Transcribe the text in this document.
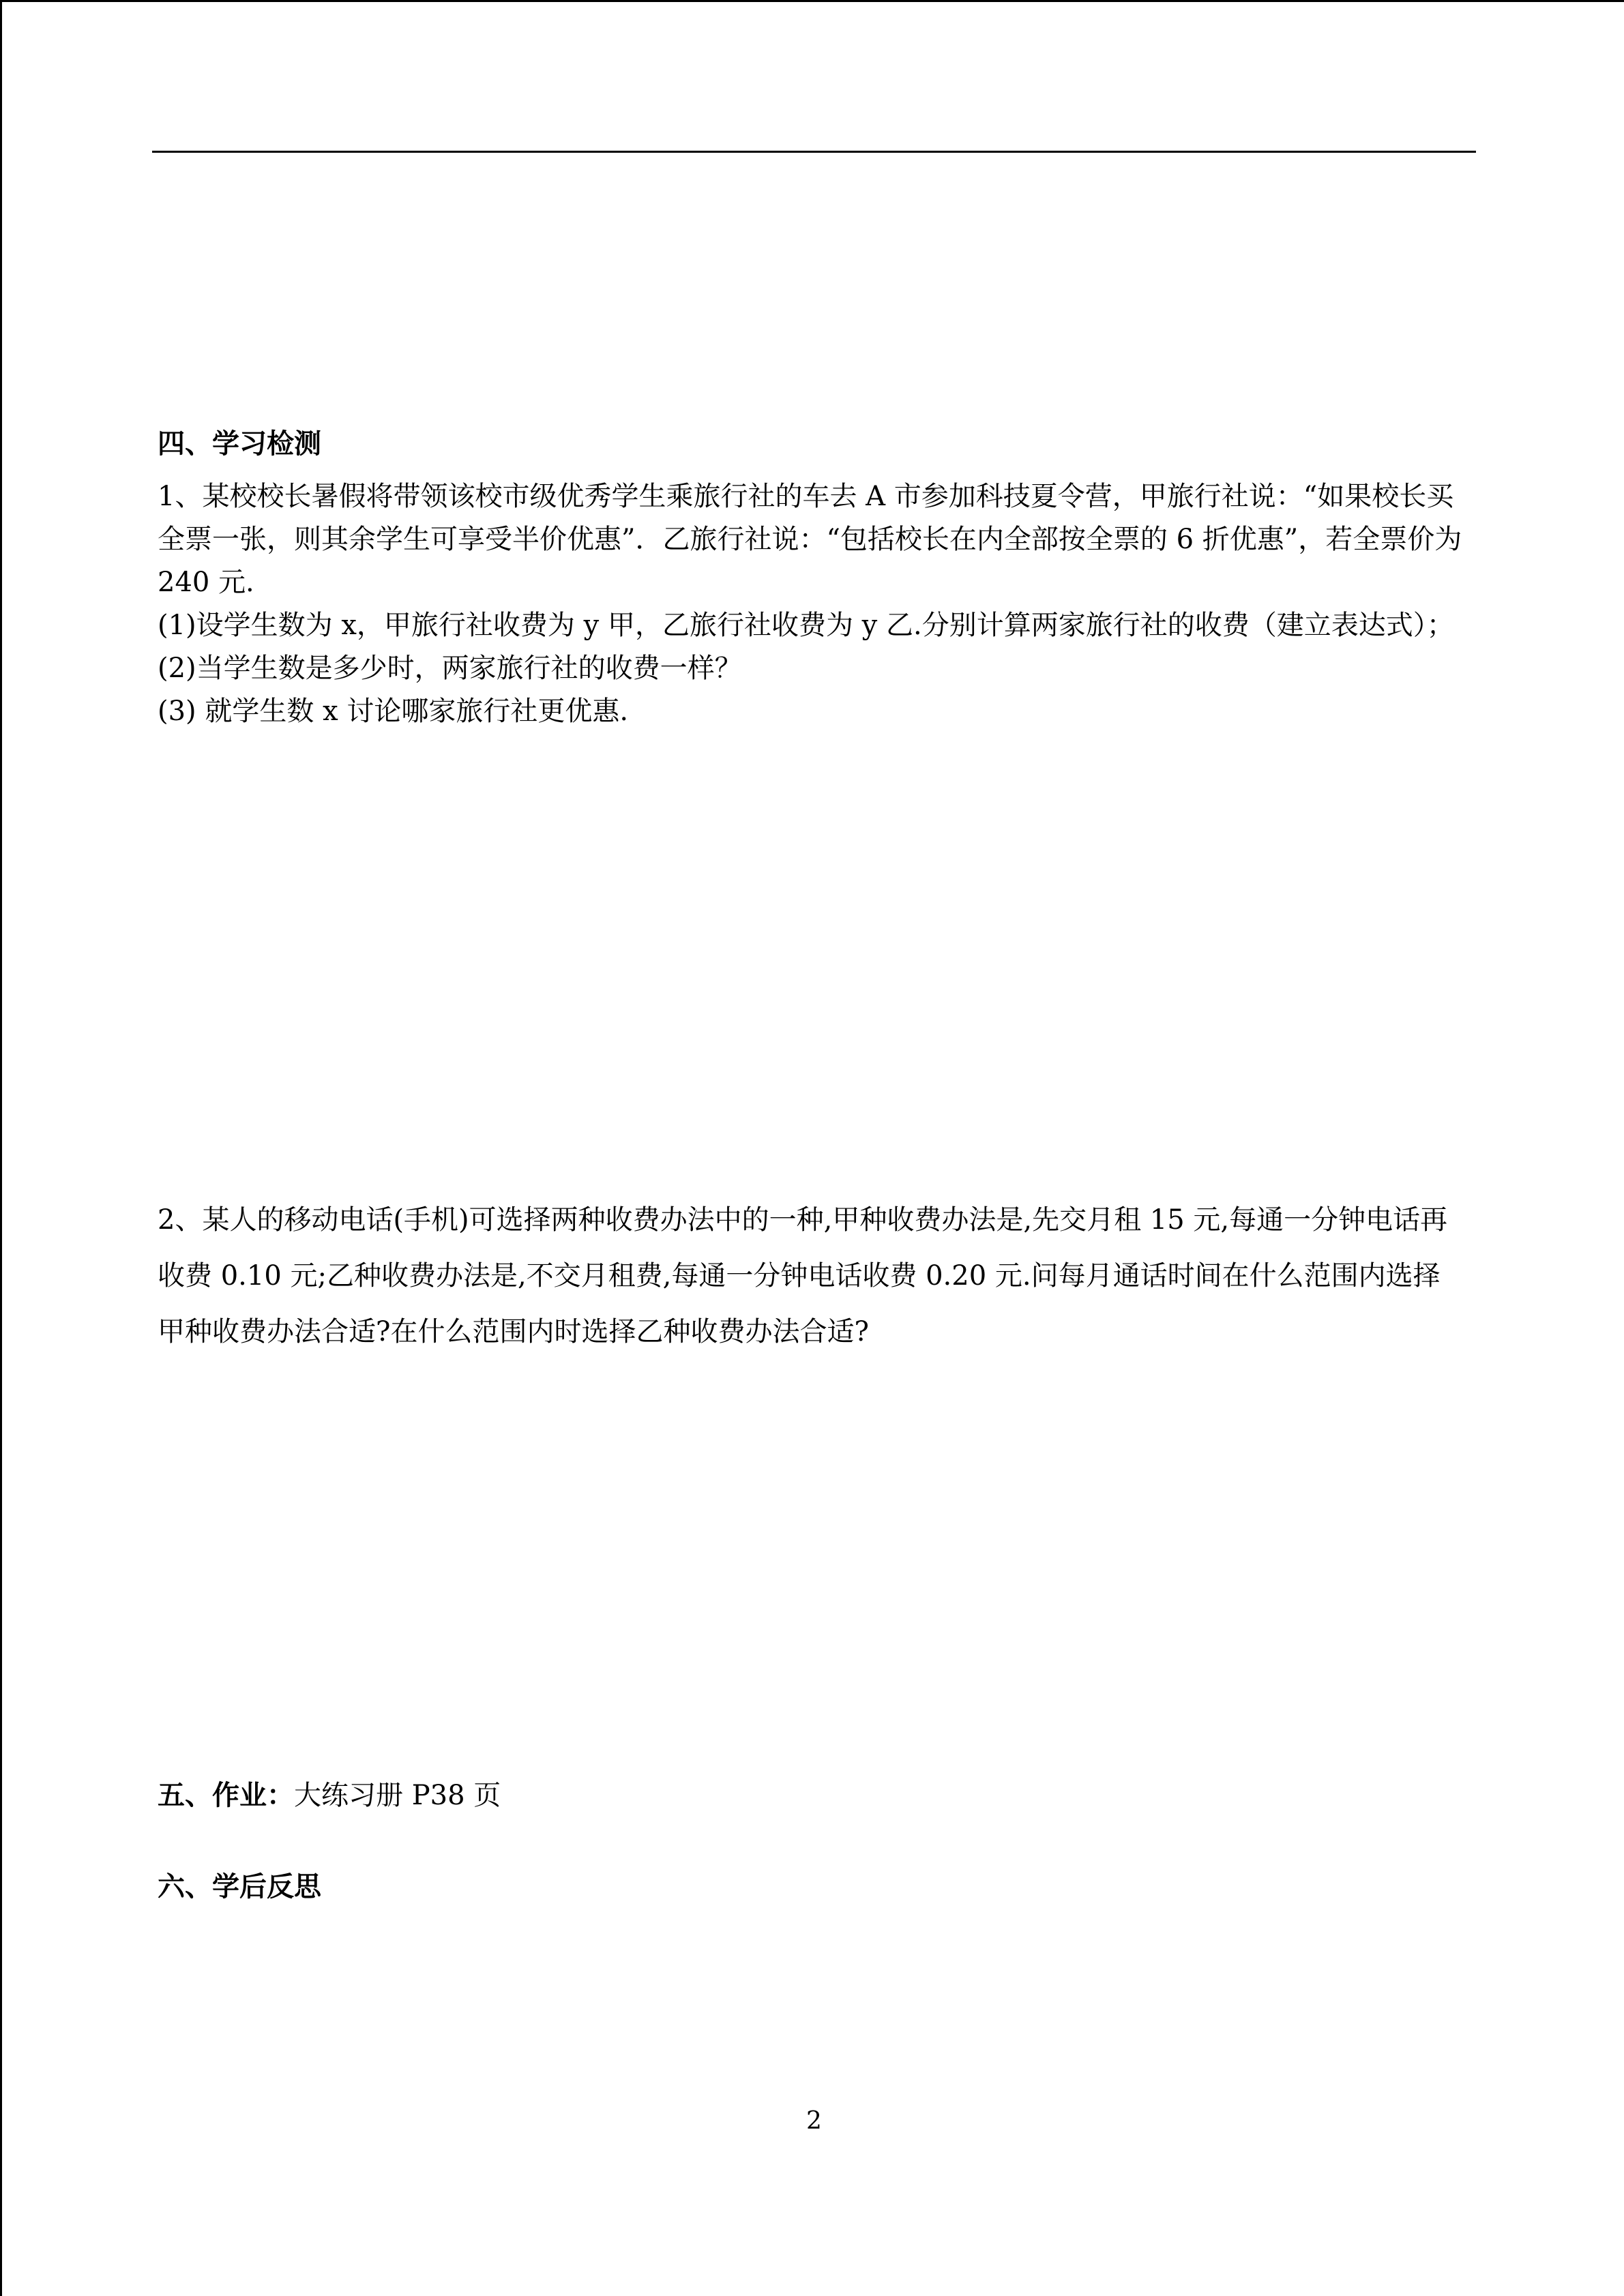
四、学习检测

1、某校校长暑假将带领该校市级优秀学生乘旅行社的车去 A 市参加科技夏令营，甲旅行社说：“如果校长买全票一张，则其余学生可享受半价优惠”．乙旅行社说：“包括校长在内全部按全票的 6 折优惠”，若全票价为 240 元.

(1)设学生数为 x，甲旅行社收费为 y 甲，乙旅行社收费为 y 乙.分别计算两家旅行社的收费（建立表达式）；

(2)当学生数是多少时，两家旅行社的收费一样？

(3) 就学生数 x 讨论哪家旅行社更优惠.

2、某人的移动电话(手机)可选择两种收费办法中的一种,甲种收费办法是,先交月租 15 元,每通一分钟电话再收费 0.10 元;乙种收费办法是,不交月租费,每通一分钟电话收费 0.20 元.问每月通话时间在什么范围内选择甲种收费办法合适?在什么范围内时选择乙种收费办法合适?

五、作业：大练习册 P38 页

六、学后反思
2
